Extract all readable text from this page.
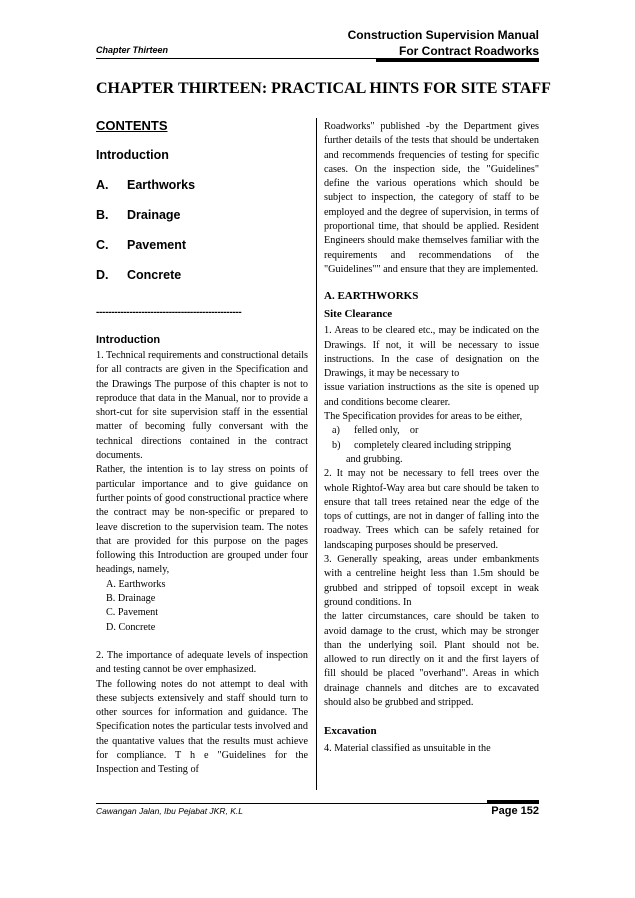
Construction Supervision Manual
For Contract Roadworks
Chapter Thirteen
CHAPTER THIRTEEN: PRACTICAL HINTS FOR SITE STAFF
CONTENTS
Introduction
A.	Earthworks
B.	Drainage
C.	Pavement
D.	Concrete
------------------------------------------------
Introduction

1. Technical requirements and constructional details for all contracts are given in the Specification and the Drawings The purpose of this chapter is not to reproduce that data in the Manual, nor to provide a short-cut for site supervision staff in the essential matter of becoming fully conversant with the technical directions contained in the contract documents.

Rather, the intention is to lay stress on points of particular importance and to give guidance on further points of good constructional practice where the contract may be non-specific or prepared to leave discretion to the supervision team. The notes that are provided for this purpose on the pages following this Introduction are grouped under four headings, namely,

A. Earthworks
B. Drainage
C. Pavement
D. Concrete

2. The importance of adequate levels of inspection and testing cannot be over emphasized.

The following notes do not attempt to deal with these subjects extensively and staff should turn to other sources for information and guidance. The Specification notes the particular tests involved and the quantative values that the results must achieve for compliance. T h e "Guidelines for the Inspection and Testing of

Roadworks" published -by the Department gives further details of the tests that should be undertaken and recommends frequencies of testing for specific cases. On the inspection side, the "Guidelines" define the various operations which should be subject to inspection, the category of staff to be employed and the degree of supervision, in terms of proportional time, that should be applied. Resident Engineers should make themselves familiar with the requirements and recommendations of the "Guidelines"" and ensure that they are implemented.

A. EARTHWORKS
Site Clearance

1. Areas to be cleared etc., may be indicated on the Drawings. If not, it will be necessary to issue instructions. In the case of designation on the Drawings, it may be necessary to

issue variation instructions as the site is opened up and conditions become clearer.

The Specification provides for areas to be either,

a)	felled only,    or
b)	completely cleared including stripping
and grubbing.

2. It may not be necessary to fell trees over the whole Rightof-Way area but care should be taken to ensure that tall trees retained near the edge of the tops of cuttings, are not in danger of falling into the roadway. Trees which can be safely retained for landscaping purposes should be preserved.

3. Generally speaking, areas under embankments with a centreline height less than 1.5m should be grubbed and stripped of topsoil except in weak ground conditions. In

the latter circumstances, care should be taken to avoid damage to the crust, which may be stronger than the underlying soil. Plant should not be. allowed to run directly on it and the first layers of fill should be placed "overhand". Areas in which drainage channels and ditches are to excavated should also be grubbed and stripped.

Excavation

4. Material classified as unsuitable in the

Cawangan Jalan, Ibu Pejabat JKR, K.L	Page 152
